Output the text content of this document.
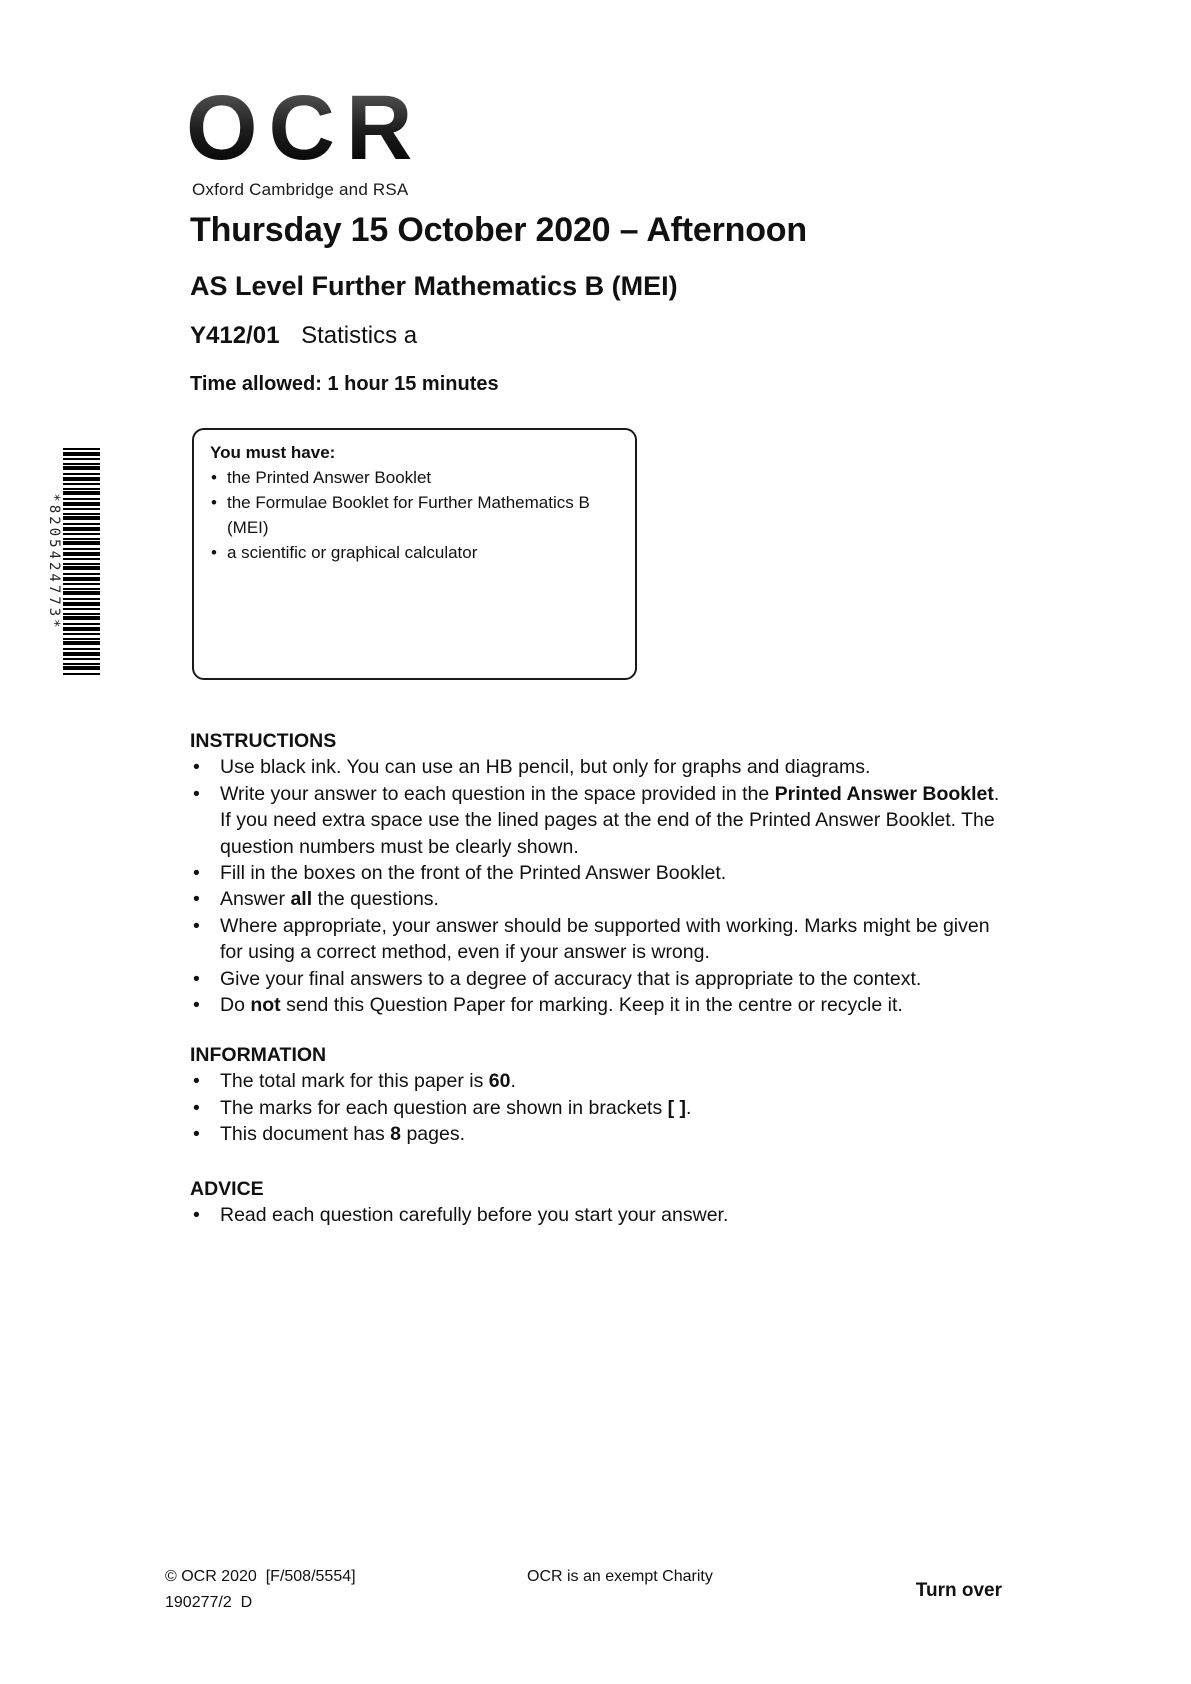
OCR
Oxford Cambridge and RSA
Thursday 15 October 2020 – Afternoon
AS Level Further Mathematics B (MEI)
Y412/01 Statistics a
Time allowed: 1 hour 15 minutes
You must have:
• the Printed Answer Booklet
• the Formulae Booklet for Further Mathematics B (MEI)
• a scientific or graphical calculator
*8205424773*
INSTRUCTIONS
• Use black ink. You can use an HB pencil, but only for graphs and diagrams.
• Write your answer to each question in the space provided in the Printed Answer Booklet. If you need extra space use the lined pages at the end of the Printed Answer Booklet. The question numbers must be clearly shown.
• Fill in the boxes on the front of the Printed Answer Booklet.
• Answer all the questions.
• Where appropriate, your answer should be supported with working. Marks might be given for using a correct method, even if your answer is wrong.
• Give your final answers to a degree of accuracy that is appropriate to the context.
• Do not send this Question Paper for marking. Keep it in the centre or recycle it.
INFORMATION
• The total mark for this paper is 60.
• The marks for each question are shown in brackets [ ].
• This document has 8 pages.
ADVICE
• Read each question carefully before you start your answer.
© OCR 2020  [F/508/5554]
190277/2  D
OCR is an exempt Charity
Turn over
